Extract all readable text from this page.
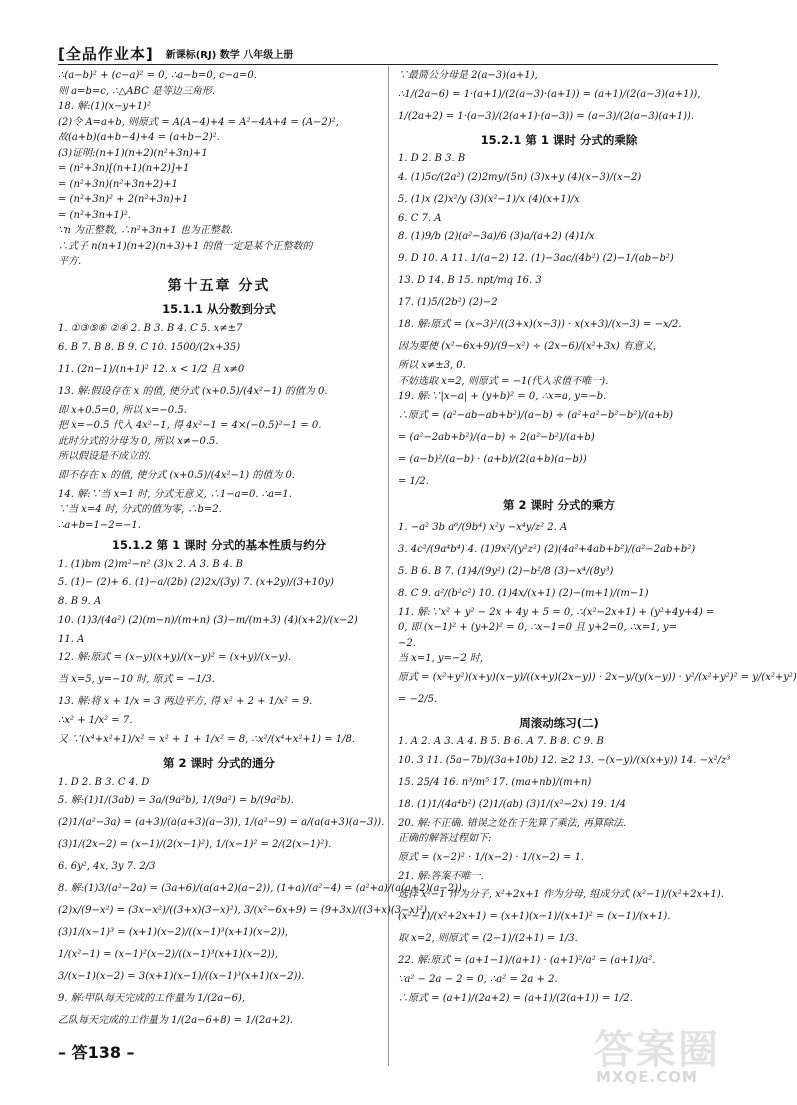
[全品作业本] 新课标(RJ) 数学 八年级上册
∴(a−b)² + (c−a)² = 0, ∴a−b=0, c−a=0.
则 a=b=c, ∴△ABC 是等边三角形.
18. 解:(1)(x−y+1)²
(2)令 A=a+b, 则原式 = A(A−4)+4 = A²−4A+4 = (A−2)²,
故(a+b)(a+b−4)+4 = (a+b−2)².
(3)证明:(n+1)(n+2)(n²+3n)+1
= (n²+3n)[(n+1)(n+2)]+1
= (n²+3n)(n²+3n+2)+1
= (n²+3n)² + 2(n²+3n)+1
= (n²+3n+1)².
∵n 为正整数, ∴n²+3n+1 也为正整数.
∴式子 n(n+1)(n+2)(n+3)+1 的值一定是某个正整数的
平方.
第十五章 分式
15.1.1 从分数到分式
1. ①③⑤⑥ ②④ 2. B 3. B 4. C 5. x≠±7
6. B 7. B 8. B 9. C 10. 1500/(2x+35)
11. (2n−1)/(n+1)² 12. x < 1/2 且 x≠0
13. 解:假设存在 x 的值, 使分式 (x+0.5)/(4x²−1) 的值为 0.
即 x+0.5=0, 所以 x=−0.5.
把 x=−0.5 代入 4x²−1, 得 4x²−1 = 4×(−0.5)²−1 = 0.
此时分式的分母为 0, 所以 x≠−0.5.
所以假设是不成立的.
即不存在 x 的值, 使分式 (x+0.5)/(4x²−1) 的值为 0.
14. 解:∵当 x=1 时, 分式无意义, ∴1−a=0. ∴a=1.
∵当 x=4 时, 分式的值为零, ∴b=2.
∴a+b=1−2=−1.
15.1.2 第 1 课时 分式的基本性质与约分
1. (1)bm (2)m²−n² (3)x 2. A 3. B 4. B
5. (1)− (2)+ 6. (1)−a/(2b) (2)2x/(3y) 7. (x+2y)/(3+10y)
8. B 9. A
10. (1)3/(4a²) (2)(m−n)/(m+n) (3)−m/(m+3) (4)(x+2)/(x−2)
11. A
12. 解:原式 = (x−y)(x+y)/(x−y)² = (x+y)/(x−y).
当 x=5, y=−10 时, 原式 = −1/3.
13. 解:将 x + 1/x = 3 两边平方, 得 x² + 2 + 1/x² = 9.
∴x² + 1/x² = 7.
又 ∵(x⁴+x²+1)/x² = x² + 1 + 1/x² = 8, ∴x²/(x⁴+x²+1) = 1/8.
第 2 课时 分式的通分
1. D 2. B 3. C 4. D
5. 解:(1)1/(3ab) = 3a/(9a²b), 1/(9a²) = b/(9a²b).
(2)1/(a²−3a) = (a+3)/(a(a+3)(a−3)), 1/(a²−9) = a/(a(a+3)(a−3)).
(3)1/(2x−2) = (x−1)/(2(x−1)²), 1/(x−1)² = 2/(2(x−1)²).
6. 6y², 4x, 3y 7. 2/3
8. 解:(1)3/(a²−2a) = (3a+6)/(a(a+2)(a−2)), (1+a)/(a²−4) = (a²+a)/(a(a+2)(a−2)).
(2)x/(9−x²) = (3x−x²)/((3+x)(3−x)²), 3/(x²−6x+9) = (9+3x)/((3+x)(3−x)²).
(3)1/(x−1)³ = (x+1)(x−2)/((x−1)³(x+1)(x−2)),
1/(x²−1) = (x−1)²(x−2)/((x−1)³(x+1)(x−2)),
3/(x−1)(x−2) = 3(x+1)(x−1)/((x−1)³(x+1)(x−2)).
9. 解:甲队每天完成的工作量为 1/(2a−6),
乙队每天完成的工作量为 1/(2a−6+8) = 1/(2a+2).
∵最简公分母是 2(a−3)(a+1),
∴1/(2a−6) = 1·(a+1)/(2(a−3)·(a+1)) = (a+1)/(2(a−3)(a+1)),
1/(2a+2) = 1·(a−3)/(2(a+1)·(a−3)) = (a−3)/(2(a−3)(a+1)).
15.2.1 第 1 课时 分式的乘除
1. D 2. B 3. B
4. (1)5c/(2a²) (2)2my/(5n) (3)x+y (4)(x−3)/(x−2)
5. (1)x (2)x²/y (3)(x²−1)/x (4)(x+1)/x
6. C 7. A
8. (1)9/b (2)(a²−3a)/6 (3)a/(a+2) (4)1/x
9. D 10. A 11. 1/(a−2) 12. (1)−3ac/(4b²) (2)−1/(ab−b²)
13. D 14. B 15. npt/mq 16. 3
17. (1)5/(2b²) (2)−2
18. 解:原式 = (x−3)²/((3+x)(x−3)) · x(x+3)/(x−3) = −x/2.
因为要使 (x²−6x+9)/(9−x²) ÷ (2x−6)/(x²+3x) 有意义,
所以 x≠±3, 0.
不妨选取 x=2, 则原式 = −1(代入求值不唯一).
19. 解:∵|x−a| + (y+b)² = 0, ∴x=a, y=−b.
∴原式 = (a²−ab−ab+b²)/(a−b) ÷ (a²+a²−b²−b²)/(a+b)
= (a²−2ab+b²)/(a−b) ÷ 2(a²−b²)/(a+b)
= (a−b)²/(a−b) · (a+b)/(2(a+b)(a−b))
= 1/2.
第 2 课时 分式的乘方
1. −a² 3b a⁶/(9b⁴) x²y −x⁴y/z² 2. A
3. 4c²/(9a⁴b⁴) 4. (1)9x²/(y²z²) (2)(4a²+4ab+b²)/(a²−2ab+b²)
5. B 6. B 7. (1)4/(9y²) (2)−b²/8 (3)−x⁴/(8y³)
8. C 9. a²/(b²c²) 10. (1)4x/(x+1) (2)−(m+1)/(m−1)
11. 解:∵x² + y² − 2x + 4y + 5 = 0, ∴(x²−2x+1) + (y²+4y+4) =
0, 即 (x−1)² + (y+2)² = 0, ∴x−1=0 且 y+2=0, ∴x=1, y=
−2.
当 x=1, y=−2 时,
原式 = (x²+y²)(x+y)(x−y)/((x+y)(2x−y)) · 2x−y/(y(x−y)) · y²/(x²+y²)² = y/(x²+y²)
= −2/5.
周滚动练习(二)
1. A 2. A 3. A 4. B 5. B 6. A 7. B 8. C 9. B
10. 3 11. (5a−7b)/(3a+10b) 12. ≥2 13. −(x−y)/(x(x+y)) 14. −x²/z³
15. 25/4 16. n³/m⁵ 17. (ma+nb)/(m+n)
18. (1)1/(4a⁴b²) (2)1/(ab) (3)1/(x²−2x) 19. 1/4
20. 解:不正确. 错误之处在于先算了乘法, 再算除法.
正确的解答过程如下:
原式 = (x−2)² · 1/(x−2) · 1/(x−2) = 1.
21. 解:答案不唯一.
选择 x²−1 作为分子, x²+2x+1 作为分母, 组成分式 (x²−1)/(x²+2x+1).
(x²−1)/(x²+2x+1) = (x+1)(x−1)/(x+1)² = (x−1)/(x+1).
取 x=2, 则原式 = (2−1)/(2+1) = 1/3.
22. 解:原式 = (a+1−1)/(a+1) · (a+1)²/a² = (a+1)/a².
∵a² − 2a − 2 = 0, ∴a² = 2a + 2.
∴原式 = (a+1)/(2a+2) = (a+1)/(2(a+1)) = 1/2.
– 答138 –	答案圈
MXQE.COM
